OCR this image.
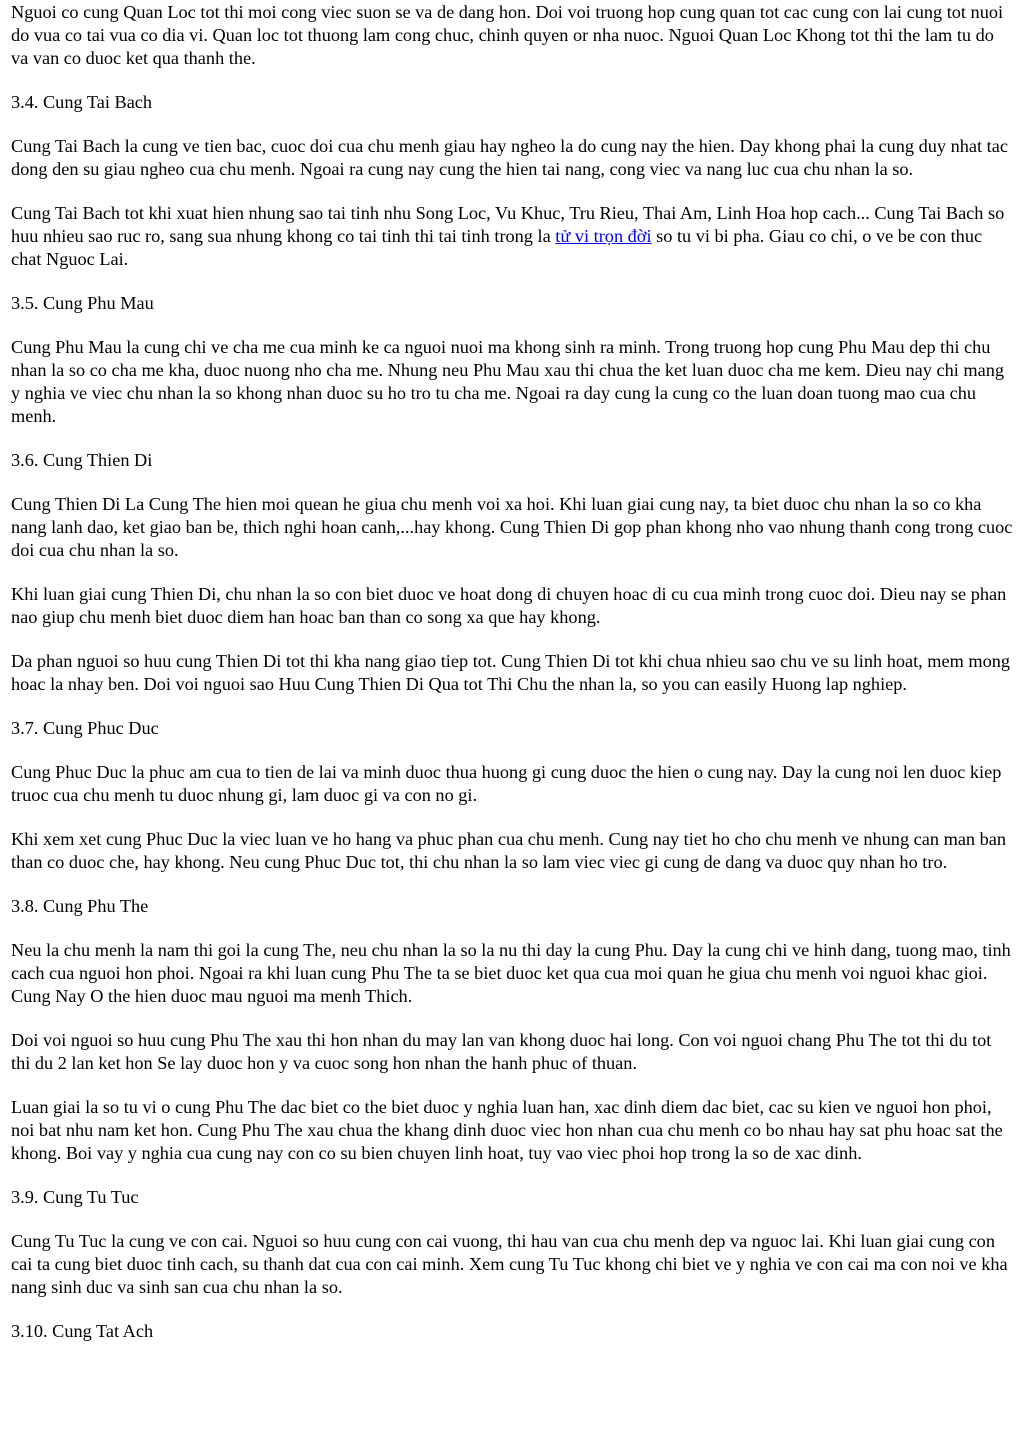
Nguoi co cung Quan Loc tot thi moi cong viec suon se va de dang hon. Doi voi truong hop cung quan tot cac cung con lai cung tot nuoi do vua co tai vua co dia vi. Quan loc tot thuong lam cong chuc, chinh quyen or nha nuoc. Nguoi Quan Loc Khong tot thi the lam tu do va van co duoc ket qua thanh the.

3.4. Cung Tai Bach

Cung Tai Bach la cung ve tien bac, cuoc doi cua chu menh giau hay ngheo la do cung nay the hien. Day khong phai la cung duy nhat tac dong den su giau ngheo cua chu menh. Ngoai ra cung nay cung the hien tai nang, cong viec va nang luc cua chu nhan la so.

Cung Tai Bach tot khi xuat hien nhung sao tai tinh nhu Song Loc, Vu Khuc, Tru Rieu, Thai Am, Linh Hoa hop cach... Cung Tai Bach so huu nhieu sao ruc ro, sang sua nhung khong co tai tinh thi tai tinh trong la tử vi trọn đời so tu vi bi pha. Giau co chi, o ve be con thuc chat Nguoc Lai.

3.5. Cung Phu Mau

Cung Phu Mau la cung chi ve cha me cua minh ke ca nguoi nuoi ma khong sinh ra minh. Trong truong hop cung Phu Mau dep thi chu nhan la so co cha me kha, duoc nuong nho cha me. Nhung neu Phu Mau xau thi chua the ket luan duoc cha me kem. Dieu nay chi mang y nghia ve viec chu nhan la so khong nhan duoc su ho tro tu cha me. Ngoai ra day cung la cung co the luan doan tuong mao cua chu menh.

3.6. Cung Thien Di

Cung Thien Di La Cung The hien moi quean he giua chu menh voi xa hoi. Khi luan giai cung nay, ta biet duoc chu nhan la so co kha nang lanh dao, ket giao ban be, thich nghi hoan canh,...hay khong. Cung Thien Di gop phan khong nho vao nhung thanh cong trong cuoc doi cua chu nhan la so.

Khi luan giai cung Thien Di, chu nhan la so con biet duoc ve hoat dong di chuyen hoac di cu cua minh trong cuoc doi. Dieu nay se phan nao giup chu menh biet duoc diem han hoac ban than co song xa que hay khong.

Da phan nguoi so huu cung Thien Di tot thi kha nang giao tiep tot. Cung Thien Di tot khi chua nhieu sao chu ve su linh hoat, mem mong hoac la nhay ben. Doi voi nguoi sao Huu Cung Thien Di Qua tot Thi Chu the nhan la, so you can easily Huong lap nghiep.

3.7. Cung Phuc Duc

Cung Phuc Duc la phuc am cua to tien de lai va minh duoc thua huong gi cung duoc the hien o cung nay. Day la cung noi len duoc kiep truoc cua chu menh tu duoc nhung gi, lam duoc gi va con no gi.

Khi xem xet cung Phuc Duc la viec luan ve ho hang va phuc phan cua chu menh. Cung nay tiet ho cho chu menh ve nhung can man ban than co duoc che, hay khong. Neu cung Phuc Duc tot, thi chu nhan la so lam viec viec gi cung de dang va duoc quy nhan ho tro.

3.8. Cung Phu The

Neu la chu menh la nam thi goi la cung The, neu chu nhan la so la nu thi day la cung Phu. Day la cung chi ve hinh dang, tuong mao, tinh cach cua nguoi hon phoi. Ngoai ra khi luan cung Phu The ta se biet duoc ket qua cua moi quan he giua chu menh voi nguoi khac gioi. Cung Nay O the hien duoc mau nguoi ma menh Thich.

Doi voi nguoi so huu cung Phu The xau thi hon nhan du may lan van khong duoc hai long. Con voi nguoi chang Phu The tot thi du tot thi du 2 lan ket hon Se lay duoc hon y va cuoc song hon nhan the hanh phuc of thuan.

Luan giai la so tu vi o cung Phu The dac biet co the biet duoc y nghia luan han, xac dinh diem dac biet, cac su kien ve nguoi hon phoi, noi bat nhu nam ket hon. Cung Phu The xau chua the khang dinh duoc viec hon nhan cua chu menh co bo nhau hay sat phu hoac sat the khong. Boi vay y nghia cua cung nay con co su bien chuyen linh hoat, tuy vao viec phoi hop trong la so de xac dinh.

3.9. Cung Tu Tuc

Cung Tu Tuc la cung ve con cai. Nguoi so huu cung con cai vuong, thi hau van cua chu menh dep va nguoc lai. Khi luan giai cung con cai ta cung biet duoc tinh cach, su thanh dat cua con cai minh. Xem cung Tu Tuc khong chi biet ve y nghia ve con cai ma con noi ve kha nang sinh duc va sinh san cua chu nhan la so.

3.10. Cung Tat Ach
